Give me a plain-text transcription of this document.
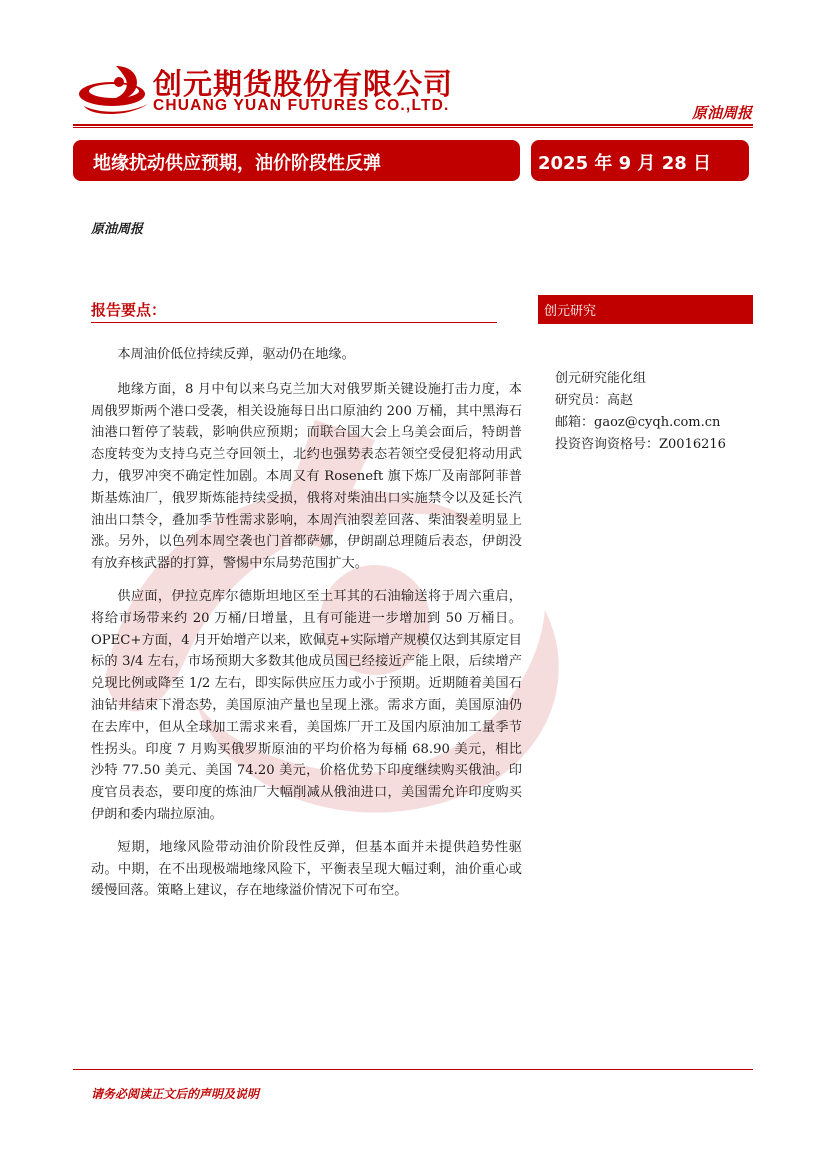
创元期货股份有限公司
CHUANG YUAN FUTURES CO.,LTD.	原油周报
地缘扰动供应预期，油价阶段性反弹	2025 年 9 月 28 日
原油周报
报告要点：	创元研究
创元研究能化组
研究员：高赵
邮箱：gaoz@cyqh.com.cn
投资咨询资格号：Z0016216

本周油价低位持续反弹，驱动仍在地缘。

地缘方面，8 月中旬以来乌克兰加大对俄罗斯关键设施打击力度，本周俄罗斯两个港口受袭，相关设施每日出口原油约 200 万桶，其中黑海石油港口暂停了装载，影响供应预期；而联合国大会上乌美会面后，特朗普态度转变为支持乌克兰夺回领土，北约也强势表态若领空受侵犯将动用武力，俄罗冲突不确定性加剧。本周又有 Roseneft 旗下炼厂及南部阿菲普斯基炼油厂，俄罗斯炼能持续受损，俄将对柴油出口实施禁令以及延长汽油出口禁令，叠加季节性需求影响，本周汽油裂差回落、柴油裂差明显上涨。另外，以色列本周空袭也门首都萨娜，伊朗副总理随后表态，伊朗没有放弃核武器的打算，警惕中东局势范围扩大。

供应面，伊拉克库尔德斯坦地区至土耳其的石油输送将于周六重启，将给市场带来约 20 万桶/日增量，且有可能进一步增加到 50 万桶日。OPEC+方面，4 月开始增产以来，欧佩克+实际增产规模仅达到其原定目标的 3/4 左右，市场预期大多数其他成员国已经接近产能上限，后续增产兑现比例或降至 1/2 左右，即实际供应压力或小于预期。近期随着美国石油钻井结束下滑态势，美国原油产量也呈现上涨。需求方面，美国原油仍在去库中，但从全球加工需求来看，美国炼厂开工及国内原油加工量季节性拐头。印度 7 月购买俄罗斯原油的平均价格为每桶 68.90 美元，相比沙特 77.50 美元、美国 74.20 美元，价格优势下印度继续购买俄油。印度官员表态，要印度的炼油厂大幅削减从俄油进口，美国需允许印度购买伊朗和委内瑞拉原油。

短期，地缘风险带动油价阶段性反弹，但基本面并未提供趋势性驱动。中期，在不出现极端地缘风险下，平衡表呈现大幅过剩，油价重心或缓慢回落。策略上建议，存在地缘溢价情况下可布空。

请务必阅读正文后的声明及说明
